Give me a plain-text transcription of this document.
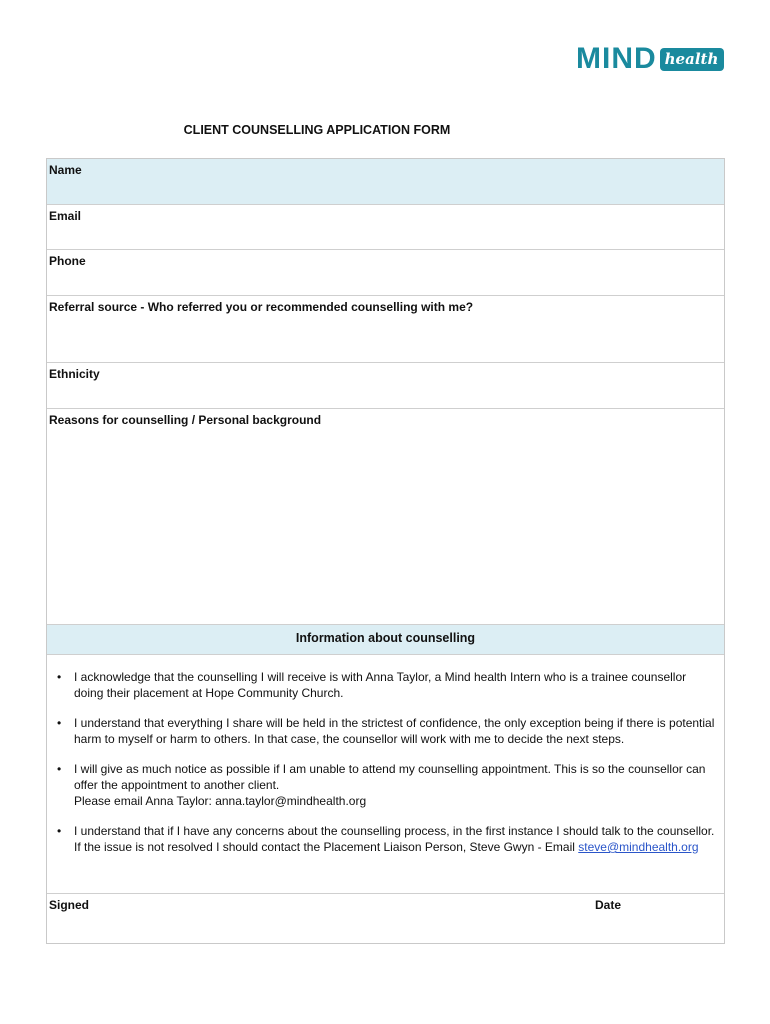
MIND health
CLIENT COUNSELLING APPLICATION FORM
Name
Email
Phone
Referral source - Who referred you or recommended counselling with me?
Ethnicity
Reasons for counselling / Personal background
Information about counselling
• I acknowledge that the counselling I will receive is with Anna Taylor, a Mind health Intern who is a trainee counsellor doing their placement at Hope Community Church.
• I understand that everything I share will be held in the strictest of confidence, the only exception being if there is potential harm to myself or harm to others. In that case, the counsellor will work with me to decide the next steps.
• I will give as much notice as possible if I am unable to attend my counselling appointment. This is so the counsellor can offer the appointment to another client.
Please email Anna Taylor: anna.taylor@mindhealth.org
• I understand that if I have any concerns about the counselling process, in the first instance I should talk to the counsellor. If the issue is not resolved I should contact the Placement Liaison Person, Steve Gwyn - Email steve@mindhealth.org
Signed	Date
